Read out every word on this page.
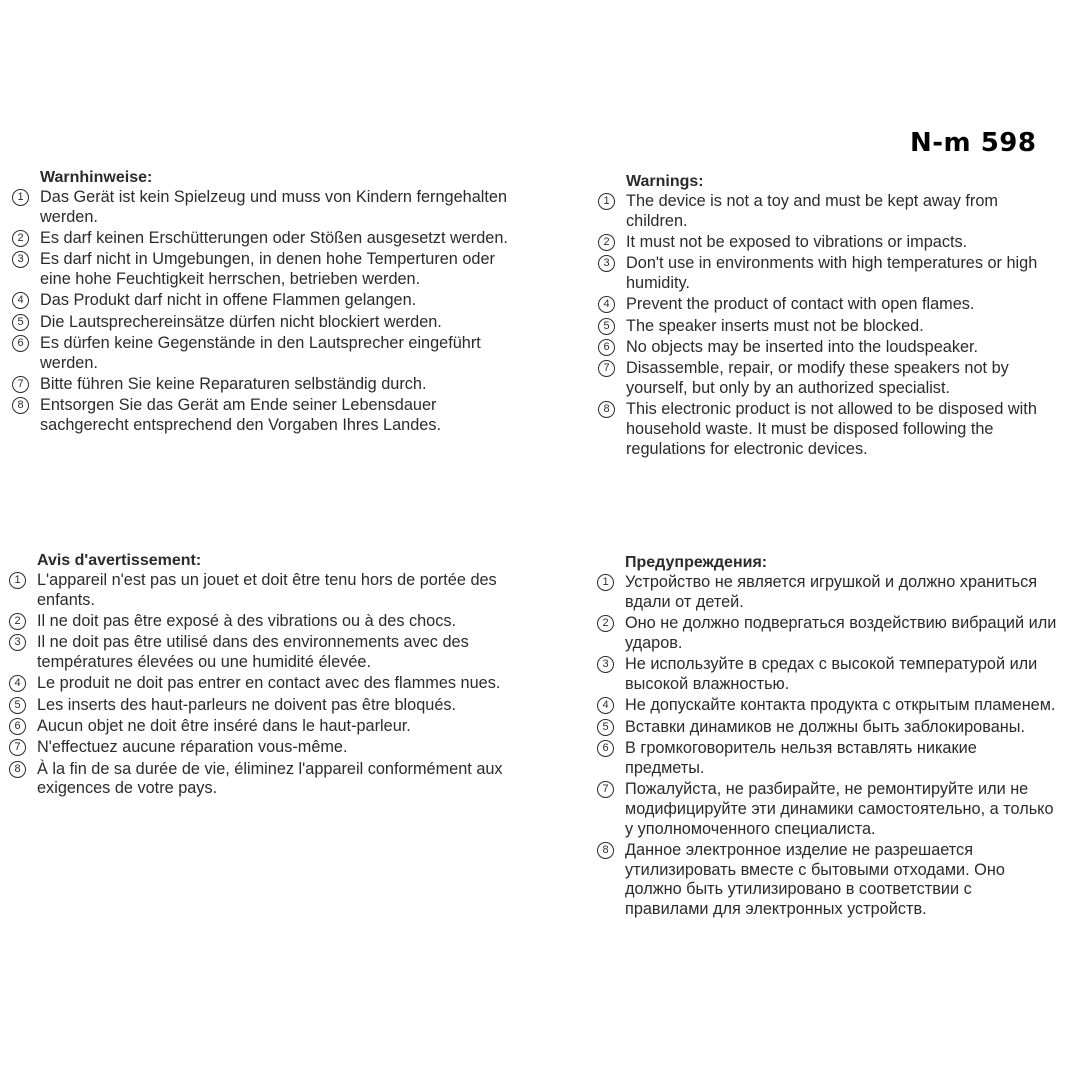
N-m 598
Warnhinweise:
1	Das Gerät ist kein Spielzeug und muss von Kindern ferngehalten werden.
2	Es darf keinen Erschütterungen oder Stößen ausgesetzt werden.
3	Es darf nicht in Umgebungen, in denen hohe Temperturen oder eine hohe Feuchtigkeit herrschen, betrieben werden.
4	Das Produkt darf nicht in offene Flammen gelangen.
5	Die Lautsprechereinsätze dürfen nicht blockiert werden.
6	Es dürfen keine Gegenstände in den Lautsprecher eingeführt werden.
7	Bitte führen Sie keine Reparaturen selbständig durch.
8	Entsorgen Sie das Gerät am Ende seiner Lebensdauer sachgerecht entsprechend den Vorgaben Ihres Landes.
Warnings:
1	The device is not a toy and must be kept away from children.
2	It must not be exposed to vibrations or impacts.
3	Don't use in environments with high temperatures or high humidity.
4	Prevent the product of contact with open flames.
5	The speaker inserts must not be blocked.
6	No objects may be inserted into the loudspeaker.
7	Disassemble, repair, or modify these speakers not by yourself, but only by an authorized specialist.
8	This electronic product is not allowed to be disposed with household waste. It must be disposed following the regulations for electronic devices.
Avis d'avertissement:
1	L'appareil n'est pas un jouet et doit être tenu hors de portée des enfants.
2	Il ne doit pas être exposé à des vibrations ou à des chocs.
3	Il ne doit pas être utilisé dans des environnements avec des températures élevées ou une humidité élevée.
4	Le produit ne doit pas entrer en contact avec des flammes nues.
5	Les inserts des haut-parleurs ne doivent pas être bloqués.
6	Aucun objet ne doit être inséré dans le haut-parleur.
7	N'effectuez aucune réparation vous-même.
8	À la fin de sa durée de vie, éliminez l'appareil conformément aux exigences de votre pays.
Предупреждения:
1	Устройство не является игрушкой и должно храниться вдали от детей.
2	Оно не должно подвергаться воздействию вибраций или ударов.
3	Не используйте в средах с высокой температурой или высокой влажностью.
4	Не допускайте контакта продукта с открытым пламенем.
5	Вставки динамиков не должны быть заблокированы.
6	В громкоговоритель нельзя вставлять никакие предметы.
7	Пожалуйста, не разбирайте, не ремонтируйте или не модифицируйте эти динамики самостоятельно, а только у уполномоченного специалиста.
8	Данное электронное изделие не разрешается утилизировать вместе с бытовыми отходами. Оно должно быть утилизировано в соответствии с правилами для электронных устройств.
